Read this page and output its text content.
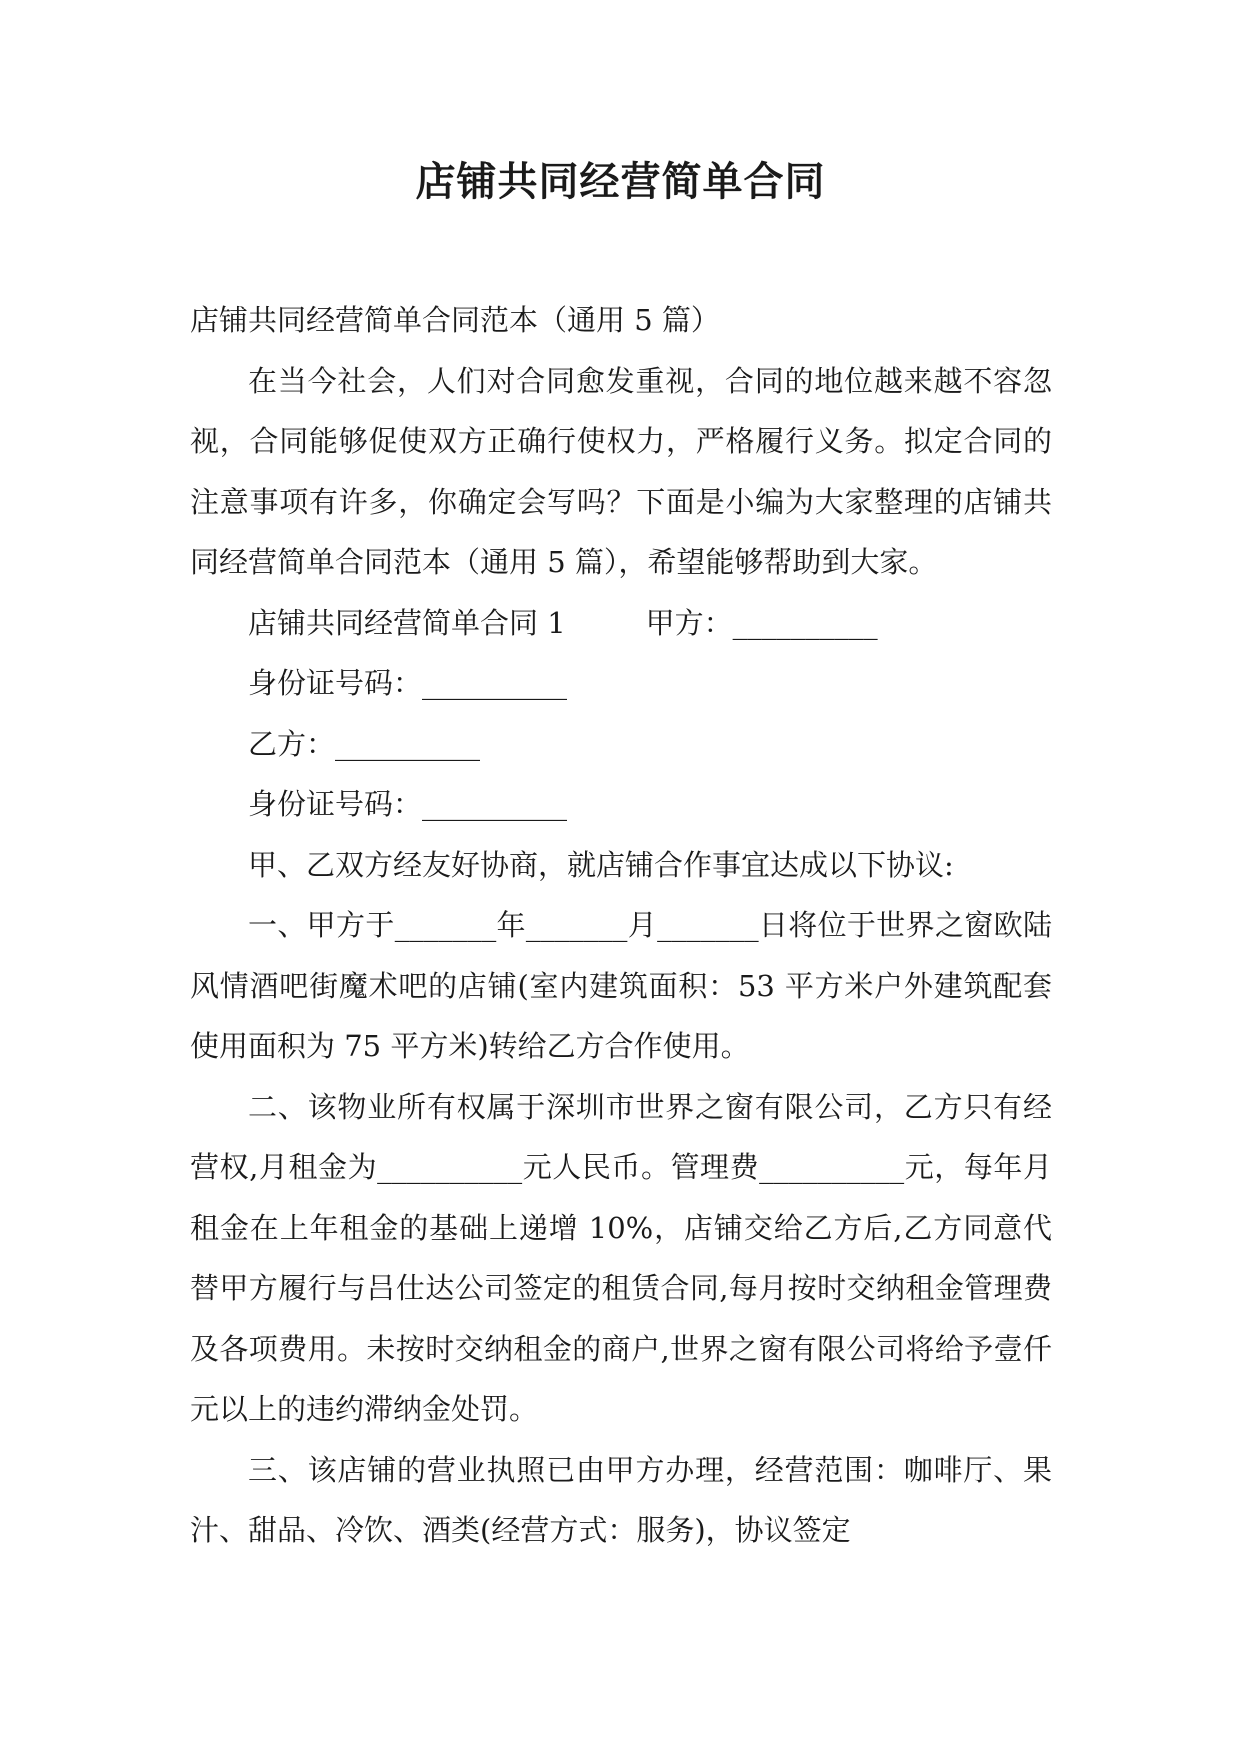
店铺共同经营简单合同

店铺共同经营简单合同范本（通用 5 篇）

在当今社会，人们对合同愈发重视，合同的地位越来越不容忽视，合同能够促使双方正确行使权力，严格履行义务。拟定合同的注意事项有许多，你确定会写吗？下面是小编为大家整理的店铺共同经营简单合同范本（通用 5 篇），希望能够帮助到大家。

店铺共同经营简单合同 1	甲方：__________

身份证号码：__________

乙方：__________

身份证号码：__________

甲、乙双方经友好协商，就店铺合作事宜达成以下协议:

一、甲方于_______年_______月_______日将位于世界之窗欧陆风情酒吧街魔术吧的店铺(室内建筑面积：53 平方米户外建筑配套使用面积为 75 平方米)转给乙方合作使用。

二、该物业所有权属于深圳市世界之窗有限公司，乙方只有经营权,月租金为__________元人民币。管理费__________元，每年月租金在上年租金的基础上递增 10%，店铺交给乙方后,乙方同意代替甲方履行与吕仕达公司签定的租赁合同,每月按时交纳租金管理费及各项费用。未按时交纳租金的商户,世界之窗有限公司将给予壹仟元以上的违约滞纳金处罚。

三、该店铺的营业执照已由甲方办理，经营范围：咖啡厅、果汁、甜品、冷饮、酒类(经营方式：服务)，协议签定
